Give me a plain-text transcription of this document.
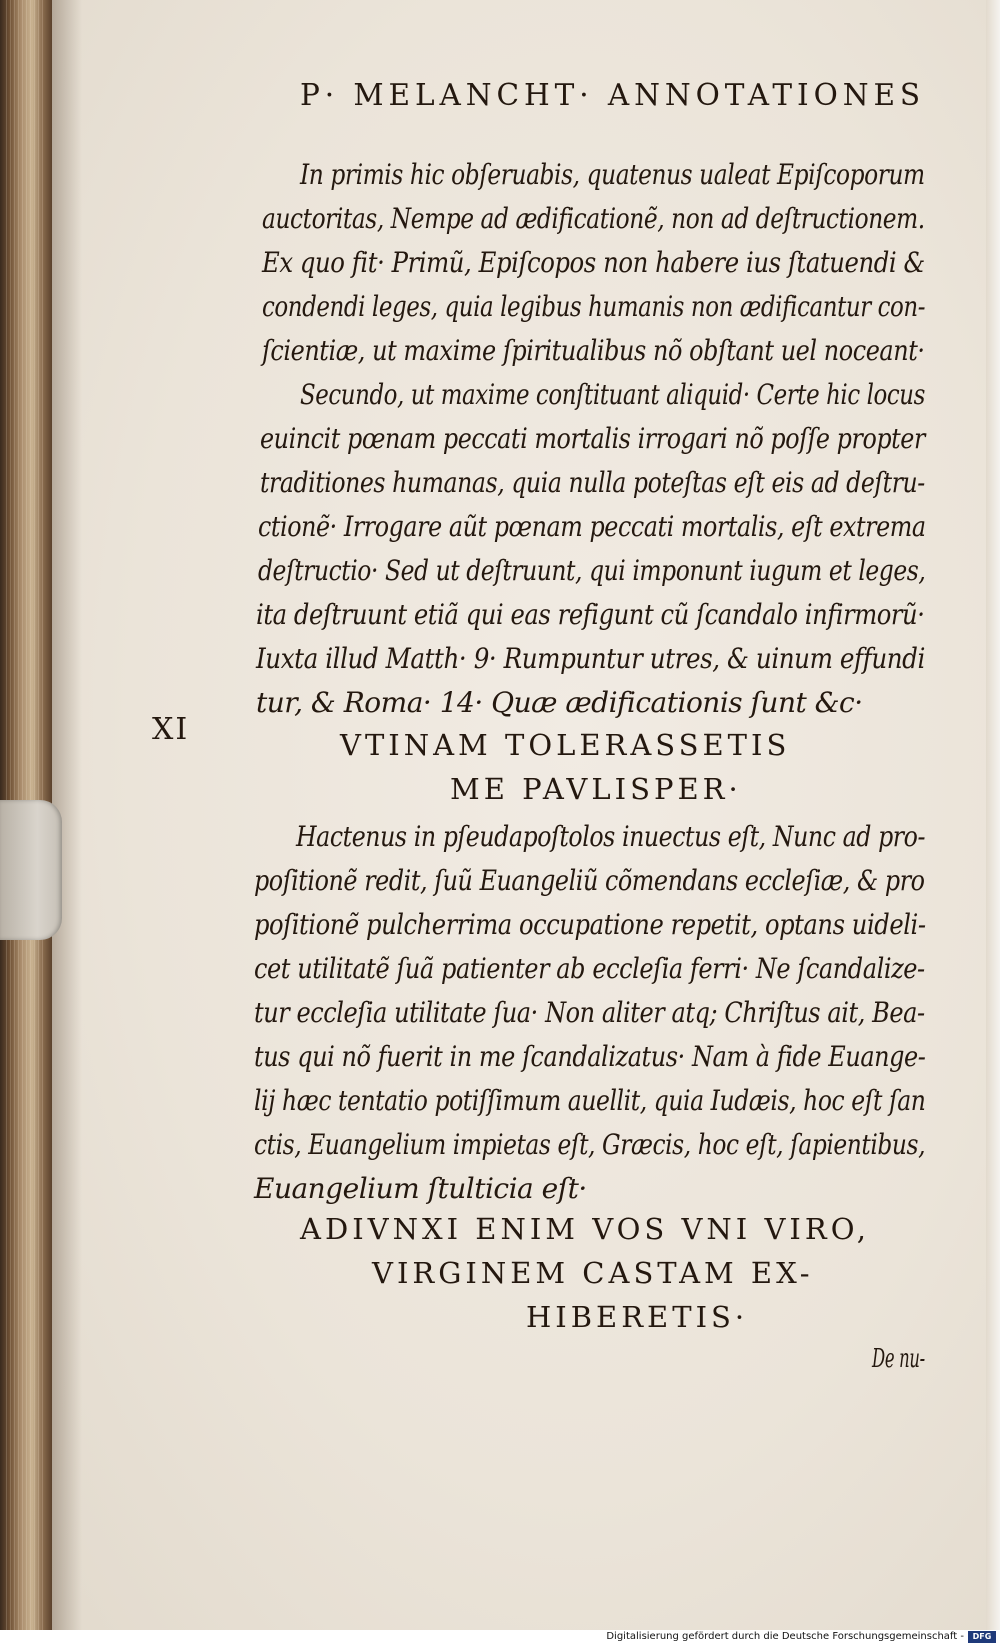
P· MELANCHT· ANNOTATIONES
XI
In primis hic obſeruabis, quatenus ualeat Epiſcoporum
auctoritas, Nempe ad ædificationẽ, non ad deſtructionem.
Ex quo fit· Primũ, Epiſcopos non habere ius ſtatuendi &
condendi leges, quia legibus humanis non ædificantur con-
ſcientiæ, ut maxime ſpiritualibus nõ obſtant uel noceant·
Secundo, ut maxime conſtituant aliquid· Certe hic locus
euincit pœnam peccati mortalis irrogari nõ poſſe propter
traditiones humanas, quia nulla poteſtas eſt eis ad deſtru-
ctionẽ· Irrogare aũt pœnam peccati mortalis, eſt extrema
deſtructio· Sed ut deſtruunt, qui imponunt iugum et leges,
ita deſtruunt etiã qui eas refigunt cũ ſcandalo infirmorũ·
Iuxta illud Matth· 9· Rumpuntur utres, & uinum effundi
tur, & Roma· 14· Quæ ædificationis ſunt &c·
VTINAM TOLERASSETIS
ME PAVLISPER·
Hactenus in pſeudapoſtolos inuectus eſt, Nunc ad pro-
poſitionẽ redit, ſuũ Euangeliũ cõmendans eccleſiæ, & pro
poſitionẽ pulcherrima occupatione repetit, optans uideli-
cet utilitatẽ ſuã patienter ab eccleſia ferri· Ne ſcandalize-
tur eccleſia utilitate ſua· Non aliter atq; Chriſtus ait, Bea-
tus qui nõ fuerit in me ſcandalizatus· Nam à fide Euange-
lij hæc tentatio potiſſimum auellit, quia Iudæis, hoc eſt ſan
ctis, Euangelium impietas eſt, Græcis, hoc eſt, ſapientibus,
Euangelium ſtulticia eſt·
ADIVNXI ENIM VOS VNI VIRO,
VIRGINEM CASTAM EX-
HIBERETIS·
De nu-
Digitalisierung gefördert durch die Deutsche Forschungsgemeinschaft -	DFG
